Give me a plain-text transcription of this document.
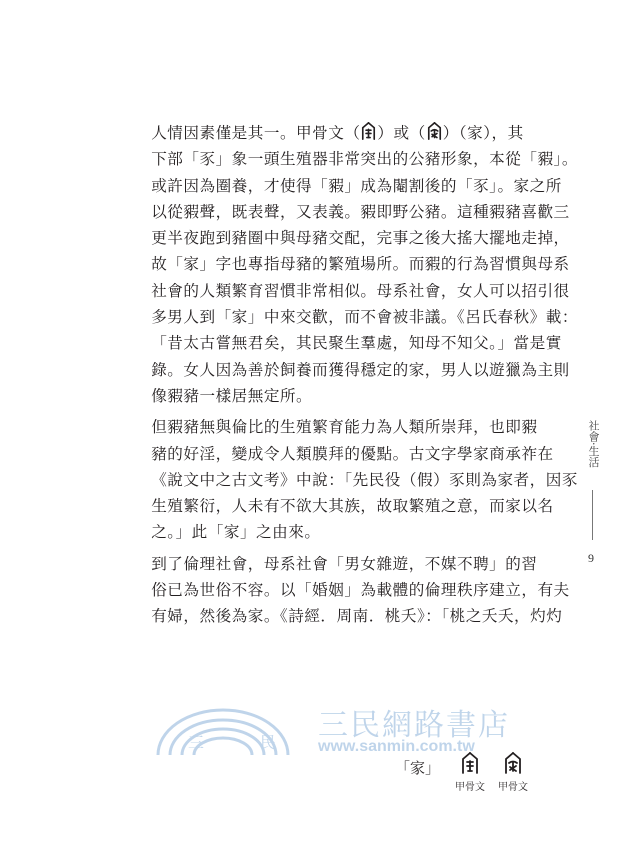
人情因素僅是其一。甲骨文（ ）或（ ）（家），其
下部「豕」象一頭生殖器非常突出的公豬形象，本從「豭」。
或許因為圈養，才使得「豭」成為閹割後的「豕」。家之所
以從豭聲，既表聲，又表義。豭即野公豬。這種豭豬喜歡三
更半夜跑到豬圈中與母豬交配，完事之後大搖大擺地走掉，
故「家」字也專指母豬的繁殖場所。而豭的行為習慣與母系
社會的人類繁育習慣非常相似。母系社會，女人可以招引很
多男人到「家」中來交歡，而不會被非議。《呂氏春秋》載：
「昔太古嘗無君矣，其民聚生羣處，知母不知父。」當是實
錄。女人因為善於飼養而獲得穩定的家，男人以遊獵為主則
像豭豬一樣居無定所。

但豭豬無與倫比的生殖繁育能力為人類所崇拜，也即豭
豬的好淫，變成令人類膜拜的優點。古文字學家商承祚在
《說文中之古文考》中說：「先民役（假）豕則為家者，因豕
生殖繁衍，人未有不欲大其族，故取繁殖之意，而家以名
之。」此「家」之由來。

到了倫理社會，母系社會「男女雜遊，不媒不聘」的習
俗已為世俗不容。以「婚姻」為載體的倫理秩序建立，有夫
有婦，然後為家。《詩經．周南．桃夭》：「桃之夭夭，灼灼

社會·生活
9
三	民 三民網路書店
www.sanmin.com.tw
「家」
甲骨文	甲骨文
